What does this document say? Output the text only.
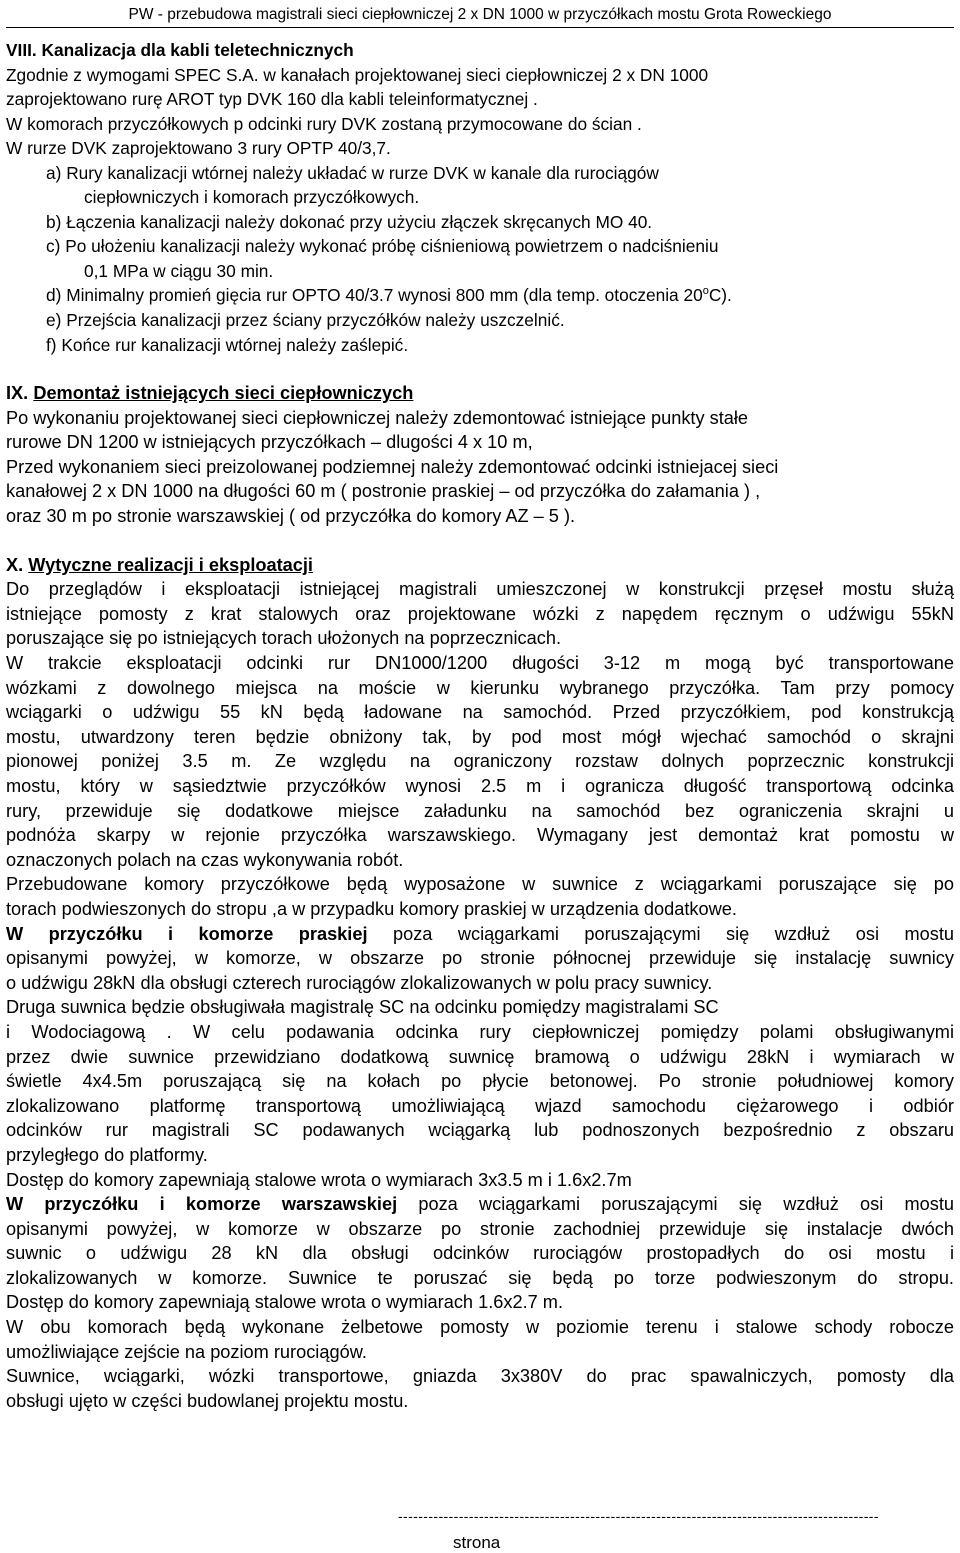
PW - przebudowa magistrali sieci ciepłowniczej 2 x DN 1000 w przyczółkach mostu Grota Roweckiego
VIII. Kanalizacja dla kabli teletechnicznych
Zgodnie z wymogami SPEC S.A. w kanałach projektowanej sieci ciepłowniczej 2 x DN 1000
zaprojektowano rurę AROT typ DVK 160 dla kabli teleinformatycznej .
W komorach przyczółkowych p odcinki rury DVK zostaną przymocowane do ścian .
W rurze DVK zaprojektowano 3 rury OPTP 40/3,7.
a) Rury kanalizacji wtórnej należy układać w rurze DVK w kanale dla rurociągów
ciepłowniczych i komorach przyczółkowych.
b) Łączenia kanalizacji należy dokonać przy użyciu złączek skręcanych MO 40.
c) Po ułożeniu kanalizacji należy wykonać próbę ciśnieniową powietrzem o nadciśnieniu
0,1 MPa w ciągu 30 min.
d) Minimalny promień gięcia rur OPTO 40/3.7 wynosi 800 mm (dla temp. otoczenia 20$^o$C).
e) Przejścia kanalizacji przez ściany przyczółków należy uszczelnić.
f) Końce rur kanalizacji wtórnej należy zaślepić.
IX. Demontaż istniejących sieci ciepłowniczych
Po wykonaniu projektowanej sieci ciepłowniczej należy zdemontować istniejące punkty stałe
rurowe DN 1200 w istniejących przyczółkach – dlugości 4 x 10 m,
Przed wykonaniem sieci preizolowanej podziemnej należy zdemontować odcinki istniejacej sieci
kanałowej 2 x DN 1000 na długości 60 m ( postronie praskiej – od przyczółka do załamania ) ,
oraz 30 m po stronie warszawskiej ( od przyczółka do komory AZ – 5 ).
X. Wytyczne realizacji i eksploatacji
Do przeglądów i eksploatacji istniejącej magistrali umieszczonej w konstrukcji przęseł mostu służą
istniejące pomosty z krat stalowych oraz projektowane wózki z napędem ręcznym o udźwigu 55kN
poruszające się po istniejących torach ułożonych na poprzecznicach.
W trakcie eksploatacji odcinki rur DN1000/1200 długości 3-12 m mogą być transportowane
wózkami z dowolnego miejsca na moście w kierunku wybranego przyczółka. Tam przy pomocy
wciągarki o udźwigu 55 kN będą ładowane na samochód. Przed przyczółkiem, pod konstrukcją
mostu, utwardzony teren będzie obniżony tak, by pod most mógł wjechać samochód o skrajni
pionowej poniżej 3.5 m. Ze względu na ograniczony rozstaw dolnych poprzecznic konstrukcji
mostu, który w sąsiedztwie przyczółków wynosi 2.5 m i ogranicza długość transportową odcinka
rury, przewiduje się dodatkowe miejsce załadunku na samochód bez ograniczenia skrajni u
podnóża skarpy w rejonie przyczółka warszawskiego. Wymagany jest demontaż krat pomostu w
oznaczonych polach na czas wykonywania robót.
Przebudowane komory przyczółkowe będą wyposażone w suwnice z wciągarkami poruszające się po
torach podwieszonych do stropu ,a w przypadku komory praskiej w urządzenia dodatkowe.
W przyczółku i komorze praskiej poza wciągarkami poruszającymi się wzdłuż osi mostu
opisanymi powyżej, w komorze, w obszarze po stronie północnej przewiduje się instalację suwnicy
o udźwigu 28kN dla obsługi czterech rurociągów zlokalizowanych w polu pracy suwnicy.
Druga suwnica będzie obsługiwała magistralę SC na odcinku pomiędzy magistralami SC
i Wodociagową . W celu podawania odcinka rury ciepłowniczej pomiędzy polami obsługiwanymi
przez dwie suwnice przewidziano dodatkową suwnicę bramową o udźwigu 28kN i wymiarach w
świetle 4x4.5m poruszającą się na kołach po płycie betonowej. Po stronie południowej komory
zlokalizowano platformę transportową umożliwiającą wjazd samochodu ciężarowego i odbiór
odcinków rur magistrali SC podawanych wciągarką lub podnoszonych bezpośrednio z obszaru
przyległego do platformy.
Dostęp do komory zapewniają stalowe wrota o wymiarach 3x3.5 m i 1.6x2.7m
W przyczółku i komorze warszawskiej poza wciągarkami poruszającymi się wzdłuż osi mostu
opisanymi powyżej, w komorze w obszarze po stronie zachodniej przewiduje się instalacje dwóch
suwnic o udźwigu 28 kN dla obsługi odcinków rurociągów prostopadłych do osi mostu i
zlokalizowanych w komorze. Suwnice te poruszać się będą po torze podwieszonym do stropu.
Dostęp do komory zapewniają stalowe wrota o wymiarach 1.6x2.7 m.
W obu komorach będą wykonane żelbetowe pomosty w poziomie terenu i stalowe schody robocze
umożliwiające zejście na poziom rurociągów.
Suwnice, wciągarki, wózki transportowe, gniazda 3x380V do prac spawalniczych, pomosty dla
obsługi ujęto w części budowlanej projektu mostu.
-----------------------------------------------------------------------------------------------
strona
